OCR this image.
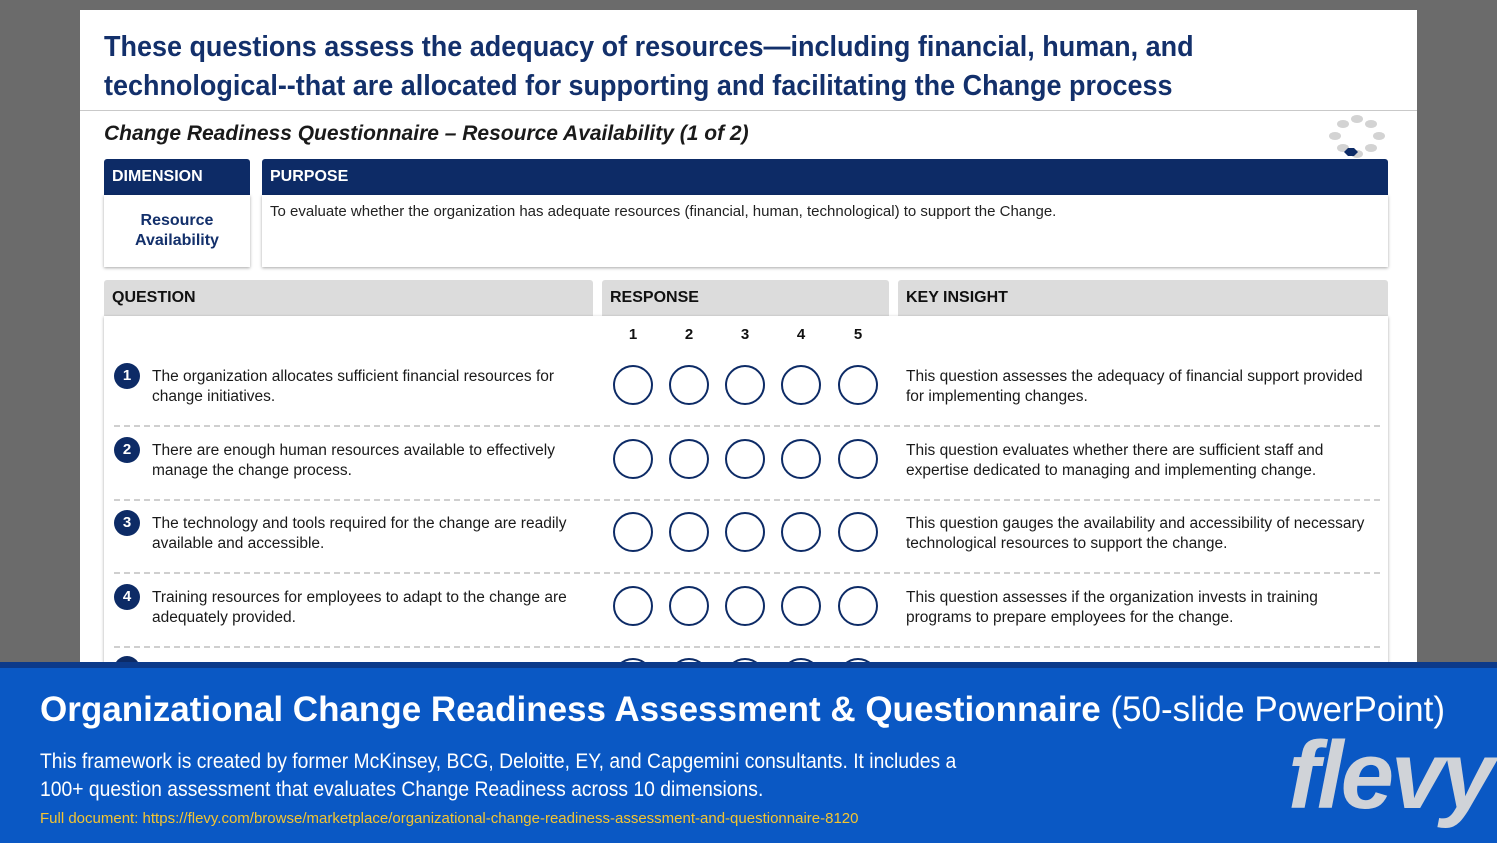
These questions assess the adequacy of resources—including financial, human, and technological--that are allocated for supporting and facilitating the Change process
Change Readiness Questionnaire – Resource Availability (1 of 2)
DIMENSION
Resource Availability
PURPOSE
To evaluate whether the organization has adequate resources (financial, human, technological) to support the Change.
QUESTION	RESPONSE	KEY INSIGHT
1	2	3	4	5
1	The organization allocates sufficient financial resources for change initiatives.
This question assesses the adequacy of financial support provided for implementing changes.
2	There are enough human resources available to effectively manage the change process.
This question evaluates whether there are sufficient staff and expertise dedicated to managing and implementing change.
3	The technology and tools required for the change are readily available and accessible.
This question gauges the availability and accessibility of necessary technological resources to support the change.
4	Training resources for employees to adapt to the change are adequately provided.
This question assesses if the organization invests in training programs to prepare employees for the change.
Organizational Change Readiness Assessment & Questionnaire (50-slide PowerPoint)
This framework is created by former McKinsey, BCG, Deloitte, EY, and Capgemini consultants. It includes a 100+ question assessment that evaluates Change Readiness across 10 dimensions.
Full document: https://flevy.com/browse/marketplace/organizational-change-readiness-assessment-and-questionnaire-8120	flevy
